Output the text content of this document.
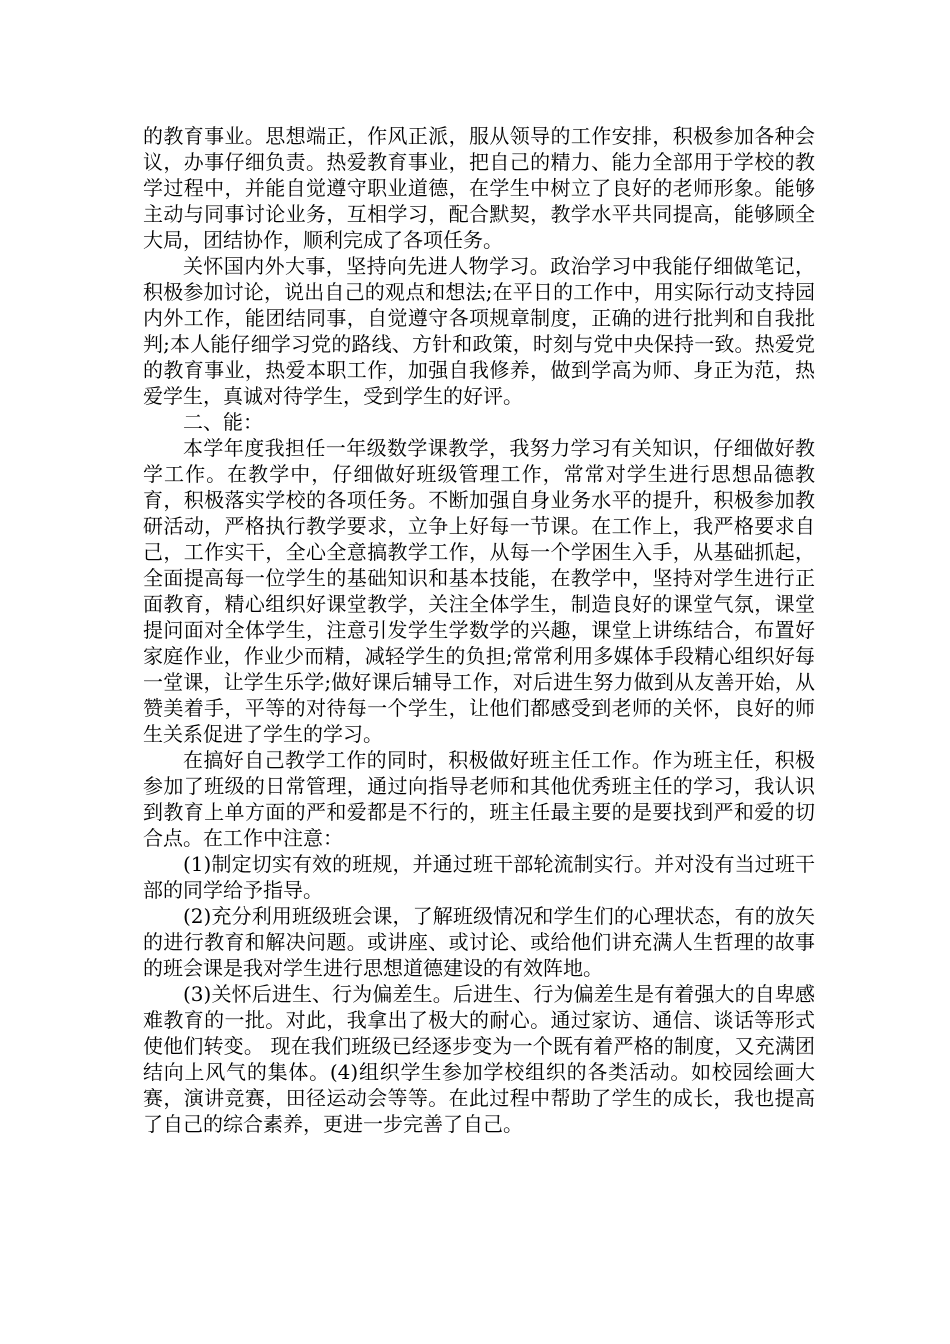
的教育事业。思想端正，作风正派，服从领导的工作安排，积极参加各种会议，办事仔细负责。热爱教育事业，把自己的精力、能力全部用于学校的教学过程中，并能自觉遵守职业道德，在学生中树立了良好的老师形象。能够主动与同事讨论业务，互相学习，配合默契，教学水平共同提高，能够顾全大局，团结协作，顺利完成了各项任务。

关怀国内外大事，坚持向先进人物学习。政治学习中我能仔细做笔记，积极参加讨论，说出自己的观点和想法;在平日的工作中，用实际行动支持园内外工作，能团结同事，自觉遵守各项规章制度，正确的进行批判和自我批判;本人能仔细学习党的路线、方针和政策，时刻与党中央保持一致。热爱党的教育事业，热爱本职工作，加强自我修养，做到学高为师、身正为范，热爱学生，真诚对待学生，受到学生的好评。

二、能：

本学年度我担任一年级数学课教学，我努力学习有关知识，仔细做好教学工作。在教学中，仔细做好班级管理工作，常常对学生进行思想品德教育，积极落实学校的各项任务。不断加强自身业务水平的提升，积极参加教研活动，严格执行教学要求，立争上好每一节课。在工作上，我严格要求自己，工作实干，全心全意搞教学工作，从每一个学困生入手，从基础抓起，全面提高每一位学生的基础知识和基本技能，在教学中，坚持对学生进行正面教育，精心组织好课堂教学，关注全体学生，制造良好的课堂气氛，课堂提问面对全体学生，注意引发学生学数学的兴趣，课堂上讲练结合，布置好家庭作业，作业少而精，减轻学生的负担;常常利用多媒体手段精心组织好每一堂课，让学生乐学;做好课后辅导工作，对后进生努力做到从友善开始，从赞美着手，平等的对待每一个学生，让他们都感受到老师的关怀，良好的师生关系促进了学生的学习。

在搞好自己教学工作的同时，积极做好班主任工作。作为班主任，积极参加了班级的日常管理，通过向指导老师和其他优秀班主任的学习，我认识到教育上单方面的严和爱都是不行的，班主任最主要的是要找到严和爱的切合点。在工作中注意：

(1)制定切实有效的班规，并通过班干部轮流制实行。并对没有当过班干部的同学给予指导。

(2)充分利用班级班会课，了解班级情况和学生们的心理状态，有的放矢的进行教育和解决问题。或讲座、或讨论、或给他们讲充满人生哲理的故事的班会课是我对学生进行思想道德建设的有效阵地。

(3)关怀后进生、行为偏差生。后进生、行为偏差生是有着强大的自卑感难教育的一批。对此，我拿出了极大的耐心。通过家访、通信、谈话等形式使他们转变。 现在我们班级已经逐步变为一个既有着严格的制度，又充满团结向上风气的集体。(4)组织学生参加学校组织的各类活动。如校园绘画大赛，演讲竞赛，田径运动会等等。在此过程中帮助了学生的成长，我也提高了自己的综合素养，更进一步完善了自己。
